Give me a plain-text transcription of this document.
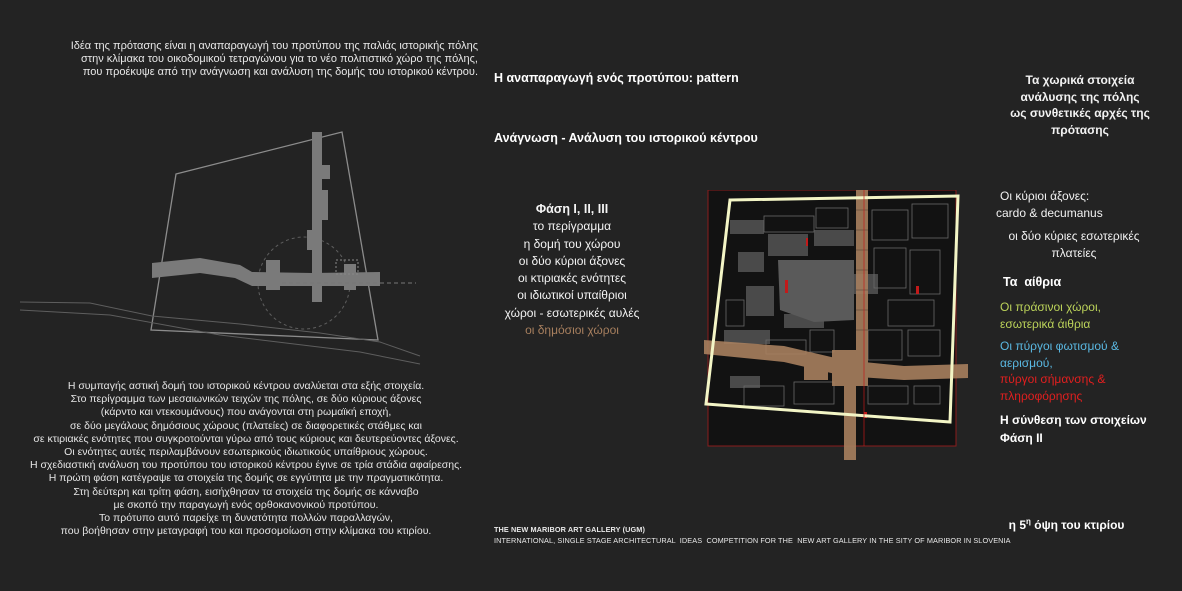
Ιδέα της πρότασης είναι η αναπαραγωγή του προτύπου της παλιάς ιστορικής πόλης
στην κλίμακα του οικοδομικού τετραγώνου για το νέο πολιτιστικό χώρο της πόλης,
που προέκυψε από την ανάγνωση και ανάλυση της δομής του ιστορικού κέντρου.
Η συμπαγής αστική δομή του ιστορικού κέντρου αναλύεται στα εξής στοιχεία.
Στο περίγραμμα των μεσαιωνικών τειχών της πόλης, σε δύο κύριους άξονες
(κάρντο και ντεκουμάνους) που ανάγονται στη ρωμαϊκή εποχή,
σε δύο μεγάλους δημόσιους χώρους (πλατείες) σε διαφορετικές στάθμες και
σε κτιριακές ενότητες που συγκροτούνται γύρω από τους κύριους και δευτερεύοντες άξονες.
Οι ενότητες αυτές περιλαμβάνουν εσωτερικούς ιδιωτικούς υπαίθριους χώρους.
Η σχεδιαστική ανάλυση του προτύπου του ιστορικού κέντρου έγινε σε τρία στάδια αφαίρεσης.
Η πρώτη φάση κατέγραψε τα στοιχεία της δομής σε εγγύτητα με την πραγματικότητα.
Στη δεύτερη και τρίτη φάση, εισήχθησαν τα στοιχεία της δομής σε κάνναβο
με σκοπό την παραγωγή ενός ορθοκανονικού προτύπου.
Το πρότυπο αυτό παρείχε τη δυνατότητα πολλών παραλλαγών,
που βοήθησαν στην μεταγραφή του και προσομοίωση στην κλίμακα του κτιρίου.
Η αναπαραγωγή ενός προτύπου: pattern
Ανάγνωση - Ανάλυση του ιστορικού κέντρου
Φάση Ι, ΙΙ, ΙΙΙ
το περίγραμμα
η δομή του χώρου
οι δύο κύριοι άξονες
οι κτιριακές ενότητες
οι ιδιωτικοί υπαίθριοι
χώροι - εσωτερικές αυλές
οι δημόσιοι χώροι
Τα χωρικά στοιχεία
ανάλυσης της πόλης
ως συνθετικές αρχές της
πρότασης
Οι κύριοι άξονες:
cardo & decumanus
οι δύο κύριες εσωτερικές
πλατείες
Τα  αίθρια
Οι πράσινοι χώροι,
εσωτερικά άιθρια
Οι πύργοι φωτισμού &
αερισμού,
πύργοι σήμανσης &
πληροφόρησης
Η σύνθεση των στοιχείων
Φάση ΙΙ

η $5^\eta$ όψη του κτιρίου

THE NEW MARIBOR ART GALLERY (UGM)
INTERNATIONAL, SINGLE STAGE ARCHITECTURAL  IDEAS  COMPETITION FOR THE  NEW ART GALLERY IN THE SITY OF MARIBOR IN SLOVENIA
